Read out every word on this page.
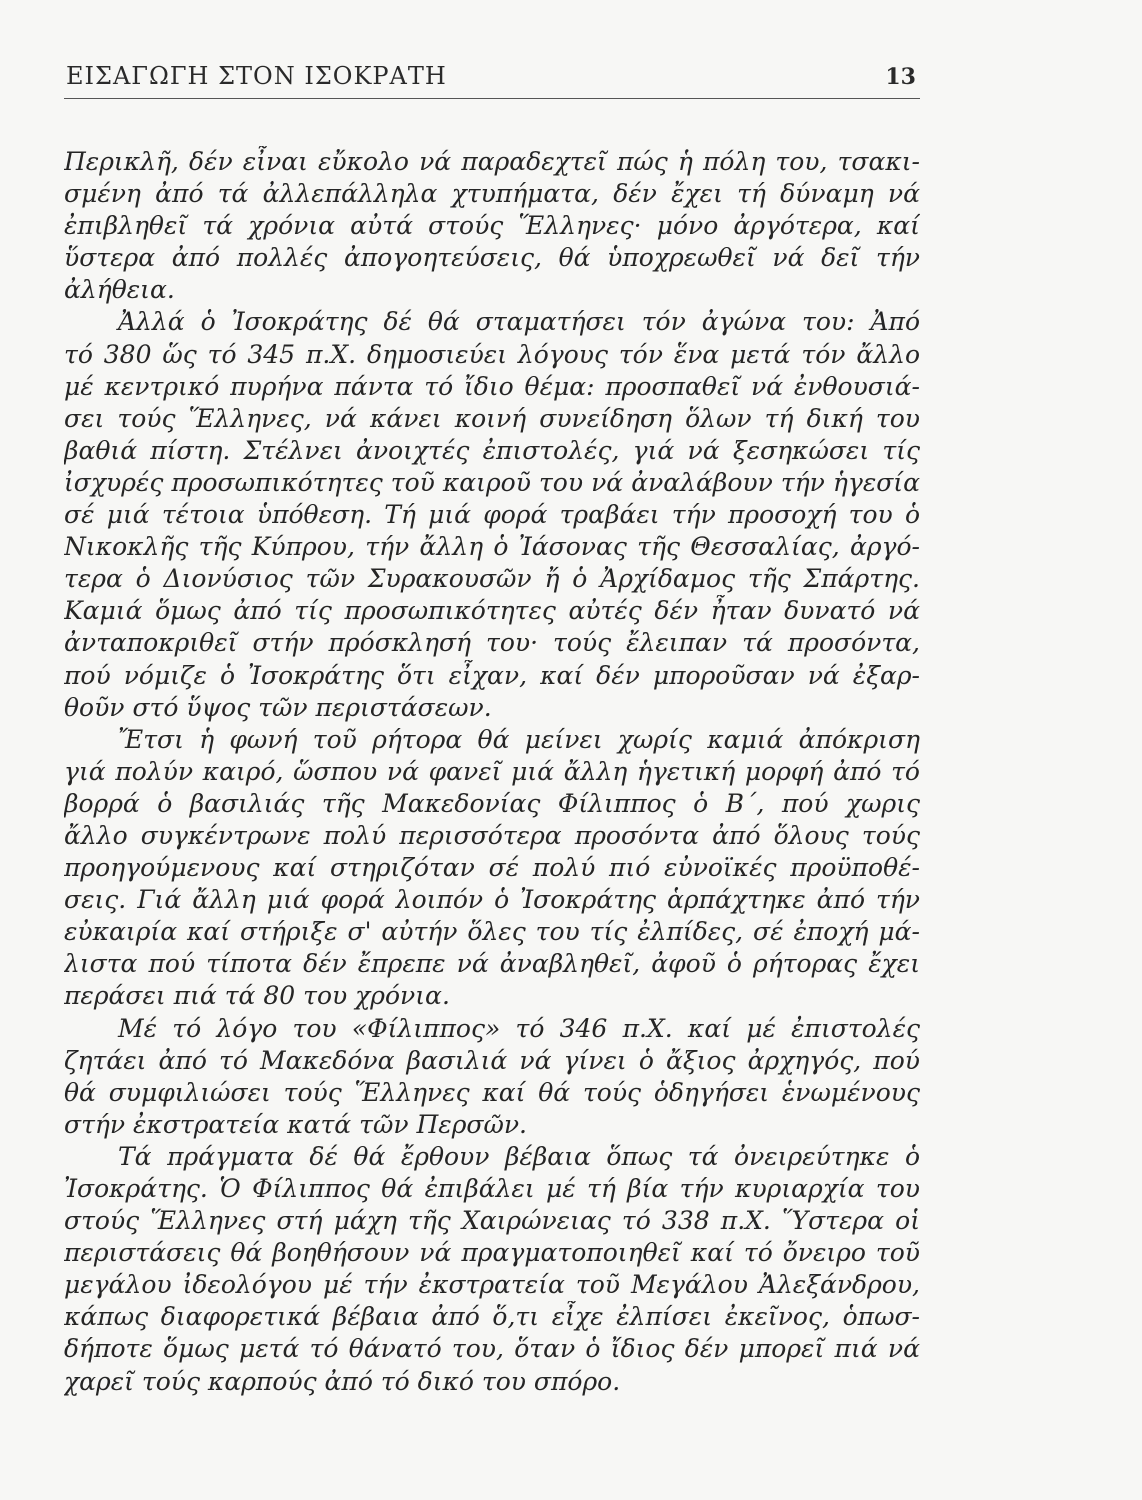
ΕΙΣΑΓΩΓΗ ΣΤΟΝ ΙΣΟΚΡΑΤΗ	13
Περικλῆ, δέν εἶναι εὔκολο νά παραδεχτεῖ πώς ἡ πόλη του, τσακι-
σμένη ἀπό τά ἀλλεπάλληλα χτυπήματα, δέν ἔχει τή δύναμη νά
ἐπιβληθεῖ τά χρόνια αὐτά στούς Ἕλληνες· μόνο ἀργότερα, καί
ὕστερα ἀπό πολλές ἀπογοητεύσεις, θά ὑποχρεωθεῖ νά δεῖ τήν
ἀλήθεια.
Ἀλλά ὁ Ἰσοκράτης δέ θά σταματήσει τόν ἀγώνα του: Ἀπό
τό 380 ὥς τό 345 π.Χ. δημοσιεύει λόγους τόν ἕνα μετά τόν ἄλλο
μέ κεντρικό πυρήνα πάντα τό ἴδιο θέμα: προσπαθεῖ νά ἐνθουσιά-
σει τούς Ἕλληνες, νά κάνει κοινή συνείδηση ὅλων τή δική του
βαθιά πίστη. Στέλνει ἀνοιχτές ἐπιστολές, γιά νά ξεσηκώσει τίς
ἰσχυρές προσωπικότητες τοῦ καιροῦ του νά ἀναλάβουν τήν ἡγεσία
σέ μιά τέτοια ὑπόθεση. Τή μιά φορά τραβάει τήν προσοχή του ὁ
Νικοκλῆς τῆς Κύπρου, τήν ἄλλη ὁ Ἰάσονας τῆς Θεσσαλίας, ἀργό-
τερα ὁ Διονύσιος τῶν Συρακουσῶν ἤ ὁ Ἀρχίδαμος τῆς Σπάρτης.
Καμιά ὅμως ἀπό τίς προσωπικότητες αὐτές δέν ἦταν δυνατό νά
ἀνταποκριθεῖ στήν πρόσκλησή του· τούς ἔλειπαν τά προσόντα,
πού νόμιζε ὁ Ἰσοκράτης ὅτι εἶχαν, καί δέν μποροῦσαν νά ἐξαρ-
θοῦν στό ὕψος τῶν περιστάσεων.
Ἔτσι ἡ φωνή τοῦ ρήτορα θά μείνει χωρίς καμιά ἀπόκριση
γιά πολύν καιρό, ὥσπου νά φανεῖ μιά ἄλλη ἡγετική μορφή ἀπό τό
βορρά ὁ βασιλιάς τῆς Μακεδονίας Φίλιππος ὁ Β΄, πού χωρις
ἄλλο συγκέντρωνε πολύ περισσότερα προσόντα ἀπό ὅλους τούς
προηγούμενους καί στηριζόταν σέ πολύ πιό εὐνοϊκές προϋποθέ-
σεις. Γιά ἄλλη μιά φορά λοιπόν ὁ Ἰσοκράτης ἁρπάχτηκε ἀπό τήν
εὐκαιρία καί στήριξε σ' αὐτήν ὅλες του τίς ἐλπίδες, σέ ἐποχή μά-
λιστα πού τίποτα δέν ἔπρεπε νά ἀναβληθεῖ, ἀφοῦ ὁ ρήτορας ἔχει
περάσει πιά τά 80 του χρόνια.
Μέ τό λόγο του «Φίλιππος» τό 346 π.Χ. καί μέ ἐπιστολές
ζητάει ἀπό τό Μακεδόνα βασιλιά νά γίνει ὁ ἄξιος ἀρχηγός, πού
θά συμφιλιώσει τούς Ἕλληνες καί θά τούς ὁδηγήσει ἑνωμένους
στήν ἐκστρατεία κατά τῶν Περσῶν.
Τά πράγματα δέ θά ἔρθουν βέβαια ὅπως τά ὀνειρεύτηκε ὁ
Ἰσοκράτης. Ὁ Φίλιππος θά ἐπιβάλει μέ τή βία τήν κυριαρχία του
στούς Ἕλληνες στή μάχη τῆς Χαιρώνειας τό 338 π.Χ. Ὕστερα οἱ
περιστάσεις θά βοηθήσουν νά πραγματοποιηθεῖ καί τό ὄνειρο τοῦ
μεγάλου ἰδεολόγου μέ τήν ἐκστρατεία τοῦ Μεγάλου Ἀλεξάνδρου,
κάπως διαφορετικά βέβαια ἀπό ὅ,τι εἶχε ἐλπίσει ἐκεῖνος, ὁπωσ-
δήποτε ὅμως μετά τό θάνατό του, ὅταν ὁ ἴδιος δέν μπορεῖ πιά νά
χαρεῖ τούς καρπούς ἀπό τό δικό του σπόρο.
